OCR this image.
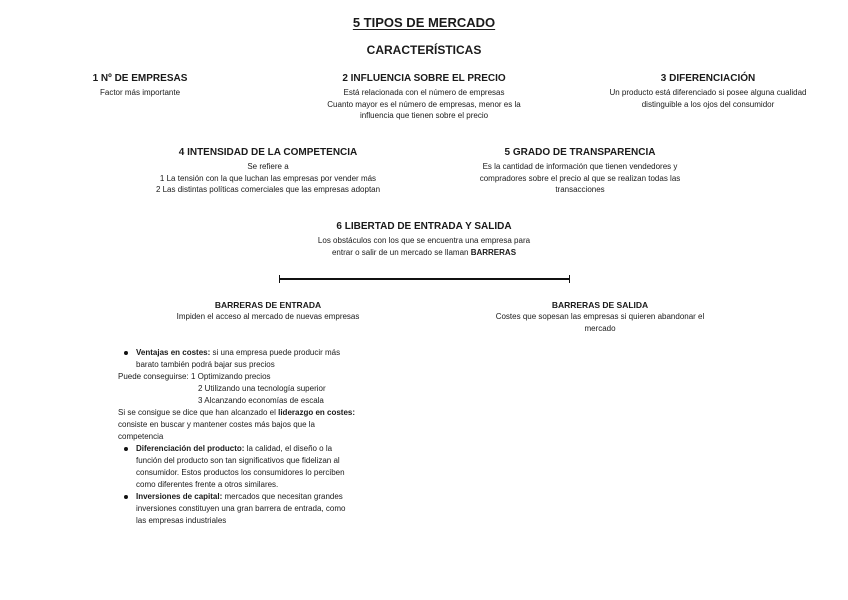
5 TIPOS DE MERCADO
CARACTERÍSTICAS
1 Nº DE EMPRESAS
Factor más importante
2 INFLUENCIA SOBRE EL PRECIO
Está relacionada con el número de empresas
Cuanto mayor es el número de empresas, menor es la
influencia que tienen sobre el precio
3 DIFERENCIACIÓN
Un producto está diferenciado si posee alguna cualidad
distinguible a los ojos del consumidor
4 INTENSIDAD DE LA COMPETENCIA
Se refiere a
1 La tensión con la que luchan las empresas por vender más
2 Las distintas políticas comerciales que las empresas adoptan
5 GRADO DE TRANSPARENCIA
Es la cantidad de información que tienen vendedores y
compradores sobre el precio al que se realizan todas las
transacciones
6 LIBERTAD DE ENTRADA Y SALIDA
Los obstáculos con los que se encuentra una empresa para
entrar o salir de un mercado se llaman BARRERAS
BARRERAS DE ENTRADA
Impiden el acceso al mercado de nuevas empresas
BARRERAS DE SALIDA
Costes que sopesan las empresas si quieren abandonar el
mercado
Ventajas en costes: si una empresa puede producir más
barato también podrá bajar sus precios
Puede conseguirse: 1 Optimizando precios
2 Utilizando una tecnología superior
3 Alcanzando economías de escala
Si se consigue se dice que han alcanzado el liderazgo en costes:
consiste en buscar y mantener costes más bajos que la
competencia
Diferenciación del producto: la calidad, el diseño o la
función del producto son tan significativos que fidelizan al
consumidor. Estos productos los consumidores lo perciben
como diferentes frente a otros similares.
Inversiones de capital: mercados que necesitan grandes
inversiones constituyen una gran barrera de entrada, como
las empresas industriales
